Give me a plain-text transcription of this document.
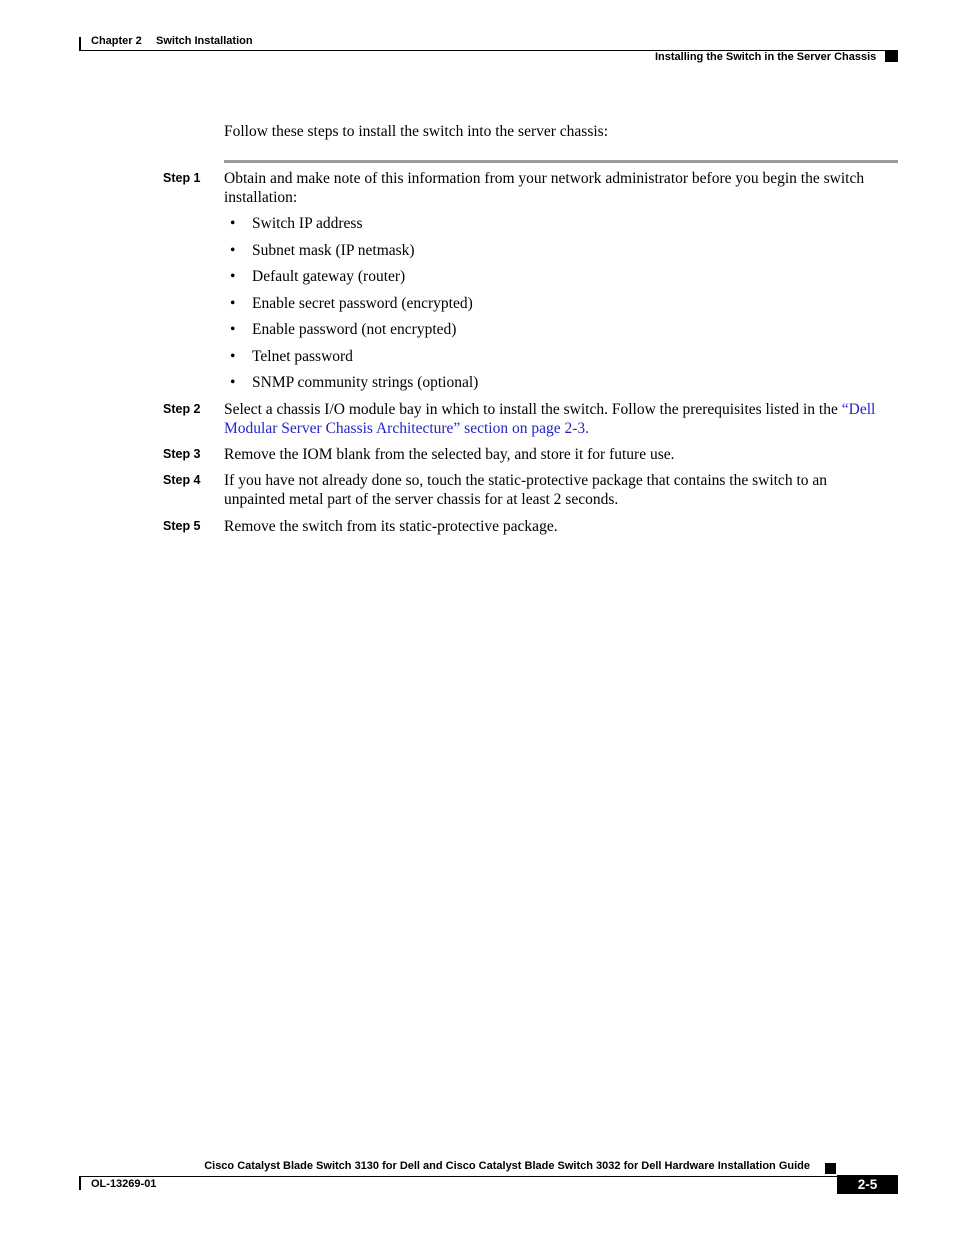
Chapter 2 Switch Installation
Installing the Switch in the Server Chassis
Follow these steps to install the switch into the server chassis:
Step 1 Obtain and make note of this information from your network administrator before you begin the switch installation:
• Switch IP address
• Subnet mask (IP netmask)
• Default gateway (router)
• Enable secret password (encrypted)
• Enable password (not encrypted)
• Telnet password
• SNMP community strings (optional)
Step 2 Select a chassis I/O module bay in which to install the switch. Follow the prerequisites listed in the “Dell Modular Server Chassis Architecture” section on page 2-3.
Step 3 Remove the IOM blank from the selected bay, and store it for future use.
Step 4 If you have not already done so, touch the static-protective package that contains the switch to an unpainted metal part of the server chassis for at least 2 seconds.
Step 5 Remove the switch from its static-protective package.
Cisco Catalyst Blade Switch 3130 for Dell and Cisco Catalyst Blade Switch 3032 for Dell Hardware Installation Guide
OL-13269-01	2-5
